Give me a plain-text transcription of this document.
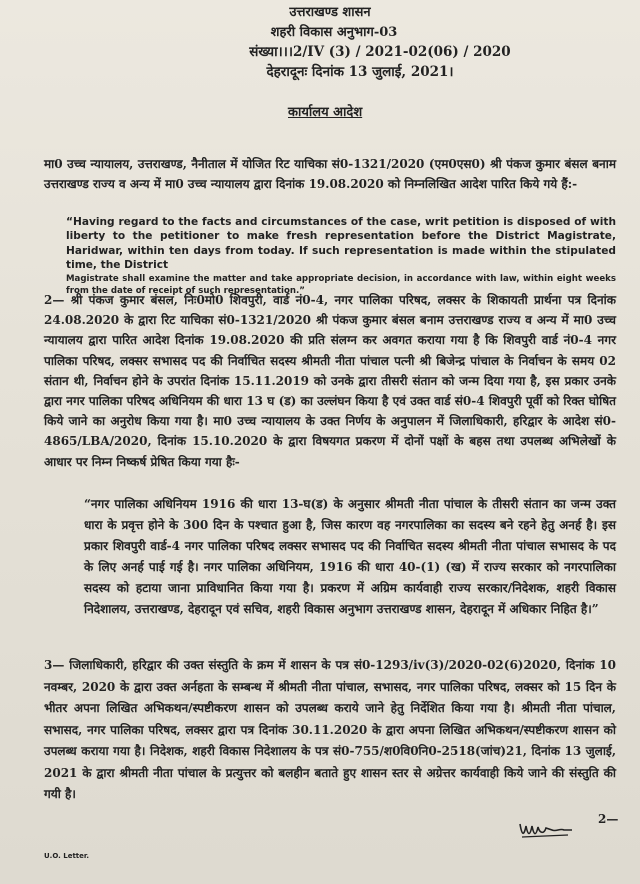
उत्तराखण्ड शासन
शहरी विकास अनुभाग-03
संख्या।।।2/IV (3) / 2021-02(06) / 2020
देहरादूनः दिनांक 13 जुलाई, 2021।
कार्यालय आदेश
मा0 उच्च न्यायालय, उत्तराखण्ड, नैनीताल में योजित रिट याचिका सं0-1321/2020 (एम0एस0) श्री पंकज कुमार बंसल बनाम उत्तराखण्ड राज्य व अन्य में मा0 उच्च न्यायालय द्वारा दिनांक 19.08.2020 को निम्नलिखित आदेश पारित किये गये हैं:-
“Having regard to the facts and circumstances of the case, writ petition is disposed of with liberty to the petitioner to make fresh representation before the District Magistrate, Haridwar, within ten days from today. If such representation is made within the stipulated time, the District
Magistrate shall examine the matter and take appropriate decision, in accordance with law, within eight weeks from the date of receipt of such representation.”
2— श्री पंकज कुमार बंसल, निः0मो0 शिवपुरी, वार्ड नं0-4, नगर पालिका परिषद, लक्सर के शिकायती प्रार्थना पत्र दिनांक 24.08.2020 के द्वारा रिट याचिका सं0-1321/2020 श्री पंकज कुमार बंसल बनाम उत्तराखण्ड राज्य व अन्य में मा0 उच्च न्यायालय द्वारा पारित आदेश दिनांक 19.08.2020 की प्रति संलग्न कर अवगत कराया गया है कि शिवपुरी वार्ड नं0-4 नगर पालिका परिषद, लक्सर सभासद पद की निर्वाचित सदस्य श्रीमती नीता पांचाल पत्नी श्री बिजेन्द्र पांचाल के निर्वाचन के समय 02 संतान थी, निर्वाचन होने के उपरांत दिनांक 15.11.2019 को उनके द्वारा तीसरी संतान को जन्म दिया गया है, इस प्रकार उनके द्वारा नगर पालिका परिषद अधिनियम की धारा 13 घ (ड) का उल्लंघन किया है एवं उक्त वार्ड सं0-4 शिवपुरी पूर्वी को रिक्त घोषित किये जाने का अनुरोध किया गया है। मा0 उच्च न्यायालय के उक्त निर्णय के अनुपालन में जिलाधिकारी, हरिद्वार के आदेश सं0-4865/LBA/2020, दिनांक 15.10.2020 के द्वारा विषयगत प्रकरण में दोनों पक्षों के बहस तथा उपलब्ध अभिलेखों के आधार पर निम्न निष्कर्ष प्रेषित किया गया हैः-
“नगर पालिका अधिनियम 1916 की धारा 13-घ(ड) के अनुसार श्रीमती नीता पांचाल के तीसरी संतान का जन्म उक्त धारा के प्रवृत्त होने के 300 दिन के पश्चात हुआ है, जिस कारण वह नगरपालिका का सदस्य बने रहने हेतु अनर्ह है। इस प्रकार शिवपुरी वार्ड-4 नगर पालिका परिषद लक्सर सभासद पद की निर्वाचित सदस्य श्रीमती नीता पांचाल सभासद के पद के लिए अनर्ह पाई गई है। नगर पालिका अधिनियम, 1916 की धारा 40-(1) (ख) में राज्य सरकार को नगरपालिका सदस्य को हटाया जाना प्राविधानित किया गया है। प्रकरण में अग्रिम कार्यवाही राज्य सरकार/निदेशक, शहरी विकास निदेशालय, उत्तराखण्ड, देहरादून एवं सचिव, शहरी विकास अनुभाग उत्तराखण्ड शासन, देहरादून में अधिकार निहित है।”
3— जिलाधिकारी, हरिद्वार की उक्त संस्तुति के क्रम में शासन के पत्र सं0-1293/iv(3)/2020-02(6)2020, दिनांक 10 नवम्बर, 2020 के द्वारा उक्त अर्नहता के सम्बन्ध में श्रीमती नीता पांचाल, सभासद, नगर पालिका परिषद, लक्सर को 15 दिन के भीतर अपना लिखित अभिकथन/स्पष्टीकरण शासन को उपलब्ध कराये जाने हेतु निर्देशित किया गया है। श्रीमती नीता पांचाल, सभासद, नगर पालिका परिषद, लक्सर द्वारा पत्र दिनांक 30.11.2020 के द्वारा अपना लिखित अभिकथन/स्पष्टीकरण शासन को उपलब्ध कराया गया है। निदेशक, शहरी विकास निदेशालय के पत्र सं0-755/श0वि0नि0-2518(जांच)21, दिनांक 13 जुलाई, 2021 के द्वारा श्रीमती नीता पांचाल के प्रत्युत्तर को बलहीन बताते हुए शासन स्तर से अग्रेत्तर कार्यवाही किये जाने की संस्तुति की गयी है।
2—
U.O. Letter.
